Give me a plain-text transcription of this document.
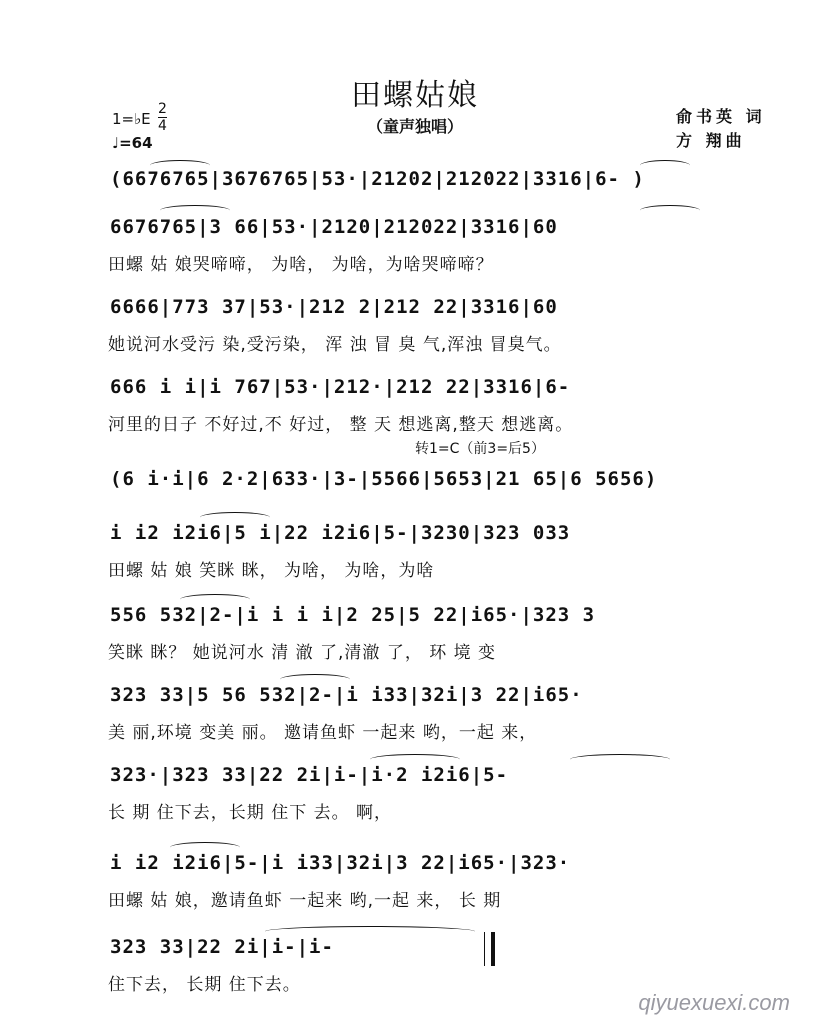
田螺姑娘
（童声独唱）
1=♭E
2
4
♩=64
俞书英 词
方 翔曲
转1=C（前3=后5）
(6676765|3676765|53·|21202|212022|3316|6- )
6676765|3 66|53·|2120|212022|3316|60
田螺 姑 娘哭啼啼， 为啥， 为啥，为啥哭啼啼？
6666|773 37|53·|212 2|212 22|3316|60
她说河水受污 染,受污染， 浑 浊 冒 臭 气,浑浊 冒臭气。
666 i i|i 767|53·|212·|212 22|3316|6-
河里的日子 不好过,不 好过， 整 天 想逃离,整天 想逃离。
(6 i·i|6 2·2|633·|3-|5566|5653|21 65|6 5656)
i i2 i2i6|5 i|22 i2i6|5-|3230|323 033
田螺 姑 娘 笑眯 眯， 为啥， 为啥，为啥
556 532|2-|i i i i|2 25|5 22|i65·|323 3
笑眯 眯？ 她说河水 清 澈 了,清澈 了， 环 境 变
323 33|5 56 532|2-|i i33|32i|3 22|i65·
美 丽,环境 变美 丽。 邀请鱼虾 一起来 哟，一起 来，
323·|323 33|22 2i|i-|i·2 i2i6|5-
长 期 住下去，长期 住下 去。 啊，
i i2 i2i6|5-|i i33|32i|3 22|i65·|323·
田螺 姑 娘，邀请鱼虾 一起来 哟,一起 来， 长 期
323 33|22 2i|i-|i-
住下去， 长期 住下去。
qiyuexuexi.com
